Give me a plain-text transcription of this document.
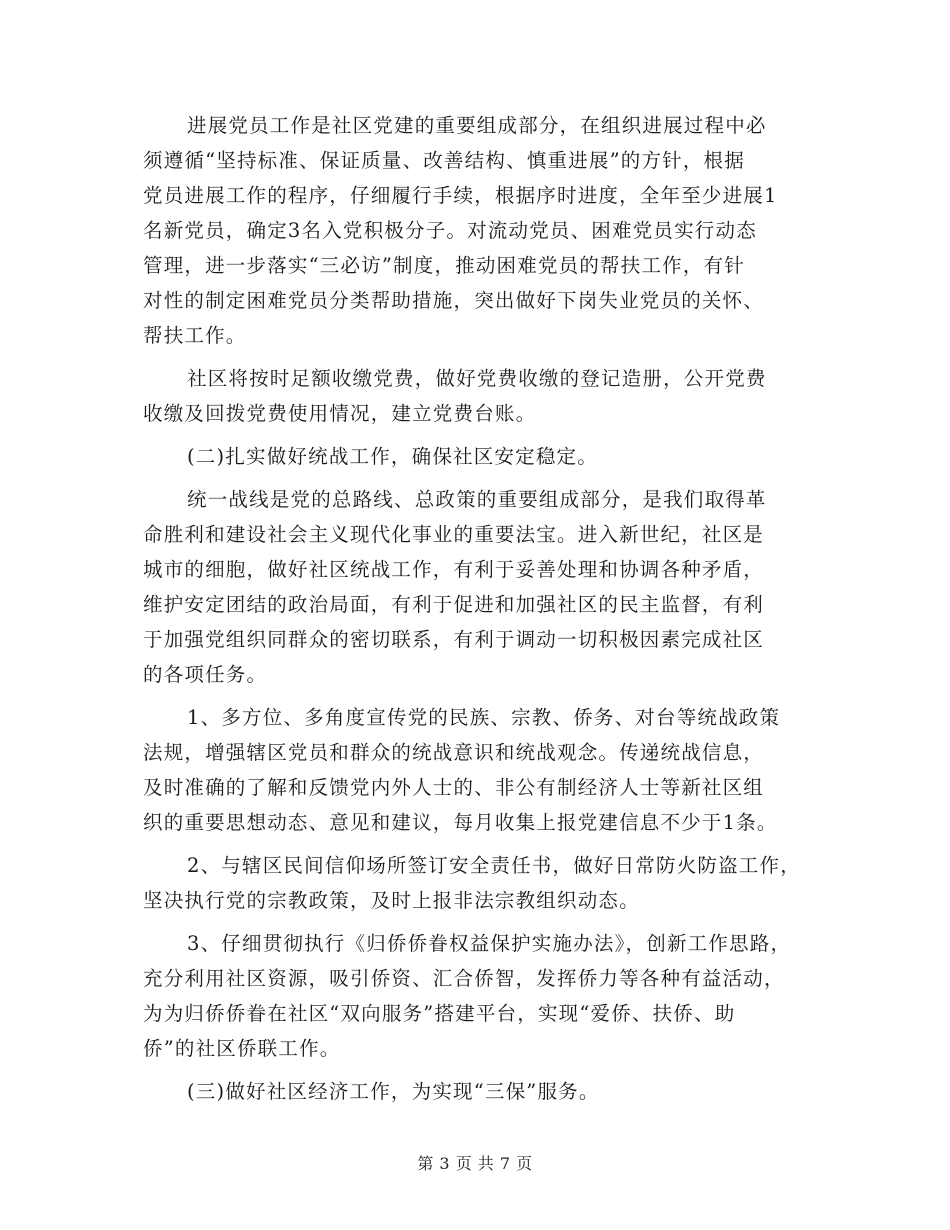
进展党员工作是社区党建的重要组成部分，在组织进展过程中必
须遵循“坚持标准、保证质量、改善结构、慎重进展”的方针，根据
党员进展工作的程序，仔细履行手续，根据序时进度，全年至少进展1
名新党员，确定3名入党积极分子。对流动党员、困难党员实行动态
管理，进一步落实“三必访”制度，推动困难党员的帮扶工作，有针
对性的制定困难党员分类帮助措施，突出做好下岗失业党员的关怀、
帮扶工作。
社区将按时足额收缴党费，做好党费收缴的登记造册，公开党费
收缴及回拨党费使用情况，建立党费台账。
(二)扎实做好统战工作，确保社区安定稳定。
统一战线是党的总路线、总政策的重要组成部分，是我们取得革
命胜利和建设社会主义现代化事业的重要法宝。进入新世纪，社区是
城市的细胞，做好社区统战工作，有利于妥善处理和协调各种矛盾，
维护安定团结的政治局面，有利于促进和加强社区的民主监督，有利
于加强党组织同群众的密切联系，有利于调动一切积极因素完成社区
的各项任务。
1、多方位、多角度宣传党的民族、宗教、侨务、对台等统战政策
法规，增强辖区党员和群众的统战意识和统战观念。传递统战信息，
及时准确的了解和反馈党内外人士的、非公有制经济人士等新社区组
织的重要思想动态、意见和建议，每月收集上报党建信息不少于1条。
2、与辖区民间信仰场所签订安全责任书，做好日常防火防盗工作，
坚决执行党的宗教政策，及时上报非法宗教组织动态。
3、仔细贯彻执行《归侨侨眷权益保护实施办法》，创新工作思路，
充分利用社区资源，吸引侨资、汇合侨智，发挥侨力等各种有益活动，
为为归侨侨眷在社区“双向服务”搭建平台，实现“爱侨、扶侨、助
侨”的社区侨联工作。
(三)做好社区经济工作，为实现“三保”服务。
第 3 页 共 7 页
